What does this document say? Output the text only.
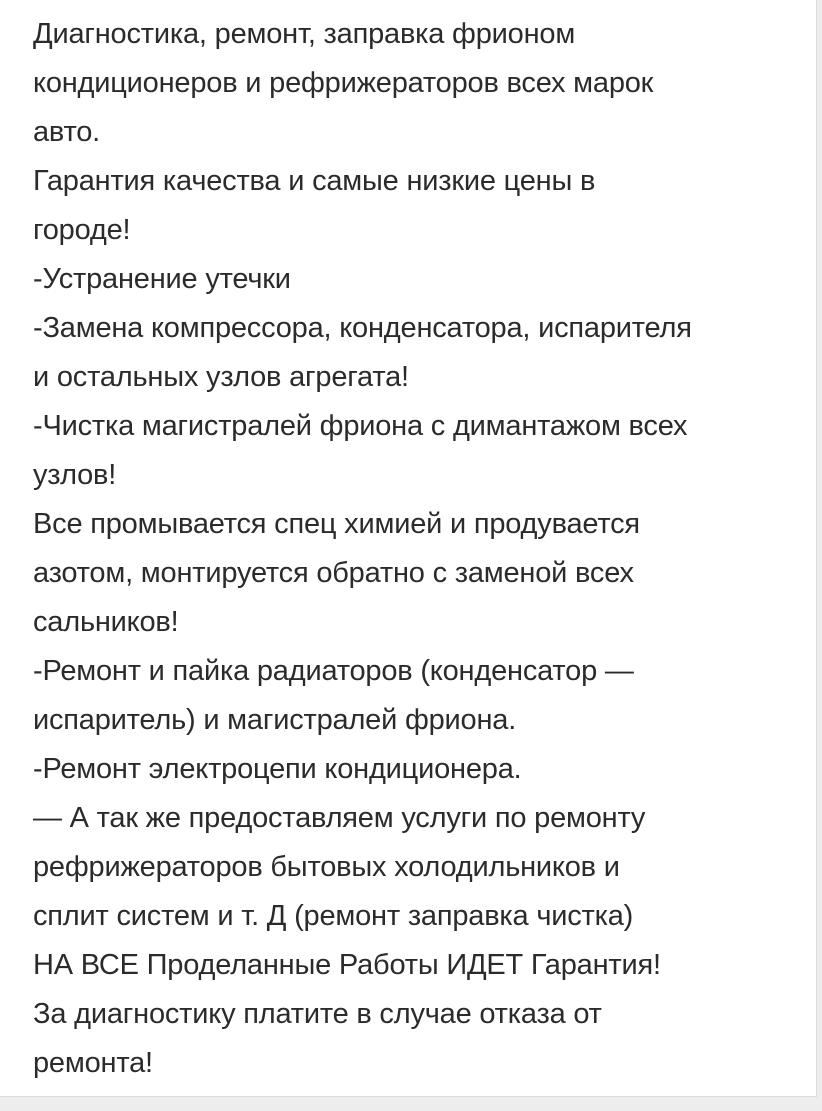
Диагностика, ремонт, заправка фрионом
кондиционеров и рефрижераторов всех марок
авто.
Гарантия качества и самые низкие цены в
городе!
-Устранение утечки
-Замена компрессора, конденсатора, испарителя
и остальных узлов агрегата!
-Чистка магистралей фриона с димантажом всех
узлов!
Все промывается спец химией и продувается
азотом, монтируется обратно с заменой всех
сальников!
-Ремонт и пайка радиаторов (конденсатор —
испаритель) и магистралей фриона.
-Ремонт электроцепи кондиционера.
— А так же предоставляем услуги по ремонту
рефрижераторов бытовых холодильников и
сплит систем и т. Д (ремонт заправка чистка)
НА ВСЕ Проделанные Работы ИДЕТ Гарантия!
За диагностику платите в случае отказа от
ремонта!
